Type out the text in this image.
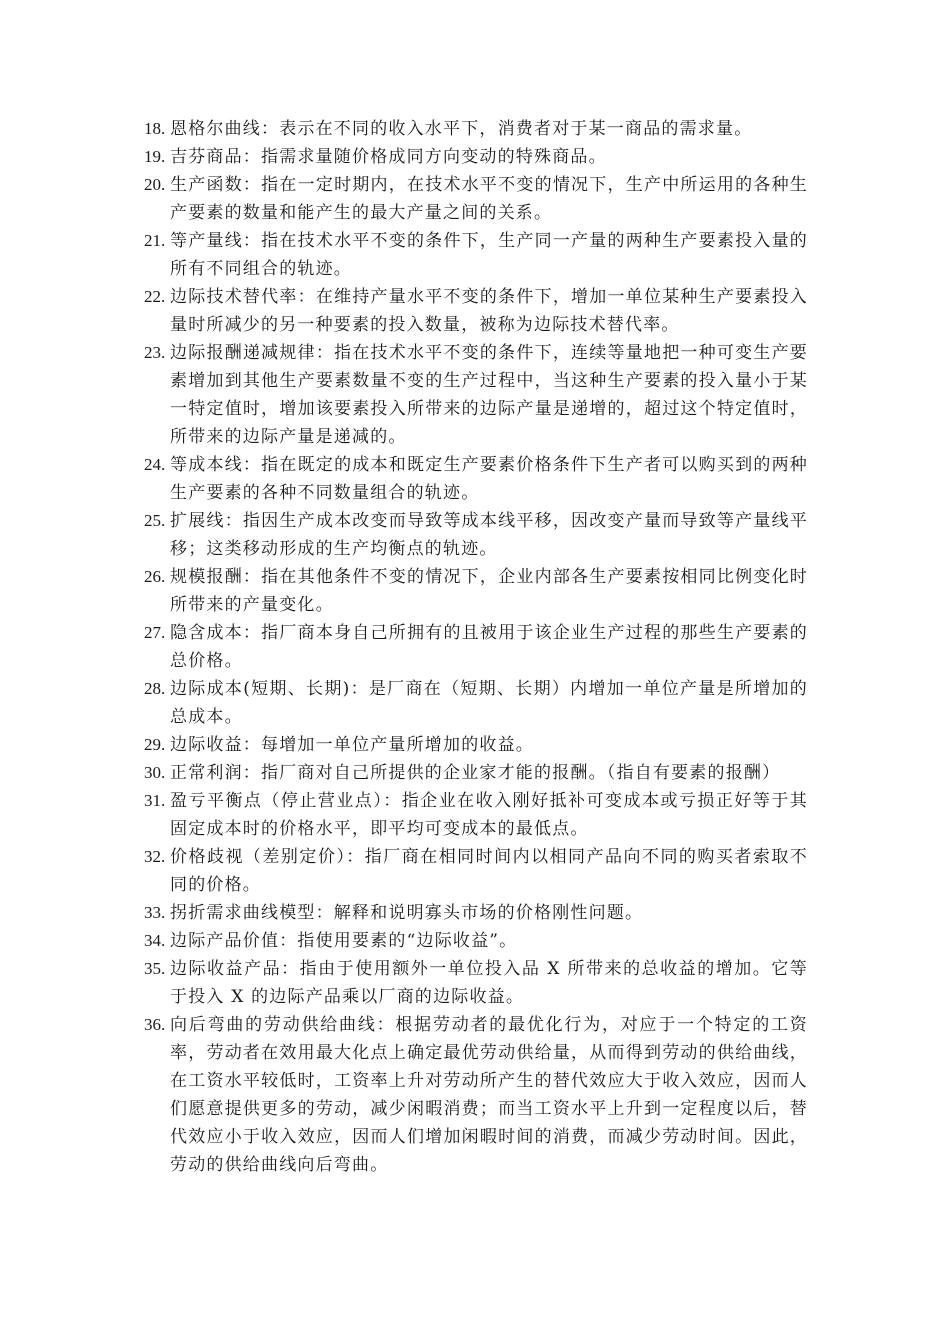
18. 恩格尔曲线：表示在不同的收入水平下，消费者对于某一商品的需求量。
19. 吉芬商品：指需求量随价格成同方向变动的特殊商品。
20. 生产函数：指在一定时期内，在技术水平不变的情况下，生产中所运用的各种生产要素的数量和能产生的最大产量之间的关系。
21. 等产量线：指在技术水平不变的条件下，生产同一产量的两种生产要素投入量的所有不同组合的轨迹。
22. 边际技术替代率：在维持产量水平不变的条件下，增加一单位某种生产要素投入量时所减少的另一种要素的投入数量，被称为边际技术替代率。
23. 边际报酬递减规律：指在技术水平不变的条件下，连续等量地把一种可变生产要素增加到其他生产要素数量不变的生产过程中，当这种生产要素的投入量小于某一特定值时，增加该要素投入所带来的边际产量是递增的，超过这个特定值时，所带来的边际产量是递减的。
24. 等成本线：指在既定的成本和既定生产要素价格条件下生产者可以购买到的两种生产要素的各种不同数量组合的轨迹。
25. 扩展线：指因生产成本改变而导致等成本线平移，因改变产量而导致等产量线平移；这类移动形成的生产均衡点的轨迹。
26. 规模报酬：指在其他条件不变的情况下，企业内部各生产要素按相同比例变化时所带来的产量变化。
27. 隐含成本：指厂商本身自己所拥有的且被用于该企业生产过程的那些生产要素的总价格。
28. 边际成本(短期、长期)：是厂商在（短期、长期）内增加一单位产量是所增加的总成本。
29. 边际收益：每增加一单位产量所增加的收益。
30. 正常利润：指厂商对自己所提供的企业家才能的报酬。（指自有要素的报酬）
31. 盈亏平衡点（停止营业点）：指企业在收入刚好抵补可变成本或亏损正好等于其固定成本时的价格水平，即平均可变成本的最低点。
32. 价格歧视（差别定价）：指厂商在相同时间内以相同产品向不同的购买者索取不同的价格。
33. 拐折需求曲线模型：解释和说明寡头市场的价格刚性问题。
34. 边际产品价值：指使用要素的“边际收益”。
35. 边际收益产品：指由于使用额外一单位投入品 X 所带来的总收益的增加。它等于投入 X 的边际产品乘以厂商的边际收益。
36. 向后弯曲的劳动供给曲线：根据劳动者的最优化行为，对应于一个特定的工资率，劳动者在效用最大化点上确定最优劳动供给量，从而得到劳动的供给曲线，在工资水平较低时，工资率上升对劳动所产生的替代效应大于收入效应，因而人们愿意提供更多的劳动，减少闲暇消费；而当工资水平上升到一定程度以后，替代效应小于收入效应，因而人们增加闲暇时间的消费，而减少劳动时间。因此，劳动的供给曲线向后弯曲。
